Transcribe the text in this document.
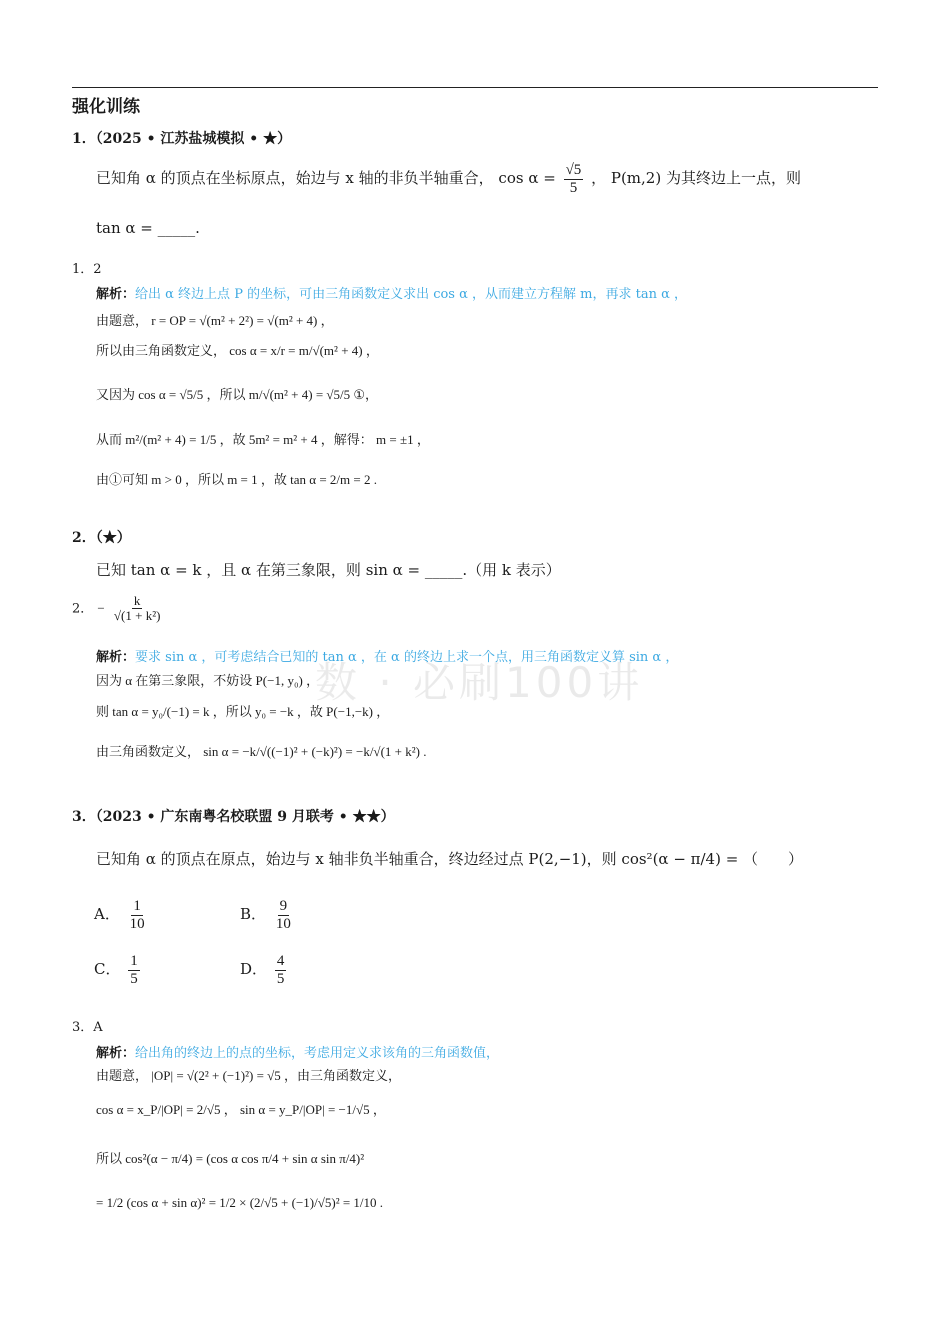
强化训练
数 · 必刷100讲
1．（2025 • 江苏盐城模拟 • ★）
已知角 α 的顶点在坐标原点，始边与 x 轴的非负半轴重合， $\cos \alpha = \frac{√5}{5}$ ， P(m,2) 为其终边上一点，则
tan α = _____.
1．2
解析：给出 α 终边上点 P 的坐标，可由三角函数定义求出 cos α ，从而建立方程解 m，再求 tan α ，
由题意， r = OP = √(m² + 2²) = √(m² + 4) ，
所以由三角函数定义， cos α = x/r = m/√(m² + 4) ，
又因为 cos α = √5/5 ，所以 m/√(m² + 4) = √5/5 ①，
从而 m²/(m² + 4) = 1/5 ，故 5m² = m² + 4 ，解得： m = ±1 ，
由①可知 m > 0 ，所以 m = 1 ，故 tan α = 2/m = 2 .
2．（★）
已知 tan α = k ，且 α 在第三象限，则 sin α = _____.（用 k 表示）
2． − $\frac{k}{\text{√(1 + k²)}}$
解析：要求 sin α ，可考虑结合已知的 tan α ，在 α 的终边上求一个点，用三角函数定义算 sin α ，
因为 α 在第三象限，不妨设 P(−1, y₀) ，
则 tan α = y₀/(−1) = k ，所以 y₀ = −k ，故 P(−1,−k) ，
由三角函数定义， sin α = −k/√((−1)² + (−k)²) = −k/√(1 + k²) .
3．（2023 • 广东南粤名校联盟 9 月联考 • ★★）
已知角 α 的顶点在原点，始边与 x 轴非负半轴重合，终边经过点 P(2,−1)，则 cos²(α − π/4) = （　　）
A． $\frac{1}{10}$	B． $\frac{9}{10}$
C． $\frac{1}{5}$	D． $\frac{4}{5}$
3．A
解析：给出角的终边上的点的坐标，考虑用定义求该角的三角函数值，
由题意， |OP| = √(2² + (−1)²) = √5 ，由三角函数定义，
cos α = x_P/|OP| = 2/√5 ， sin α = y_P/|OP| = −1/√5 ，
所以 cos²(α − π/4) = (cos α cos π/4 + sin α sin π/4)²
= 1/2 (cos α + sin α)² = 1/2 × (2/√5 + (−1)/√5)² = 1/10 .
